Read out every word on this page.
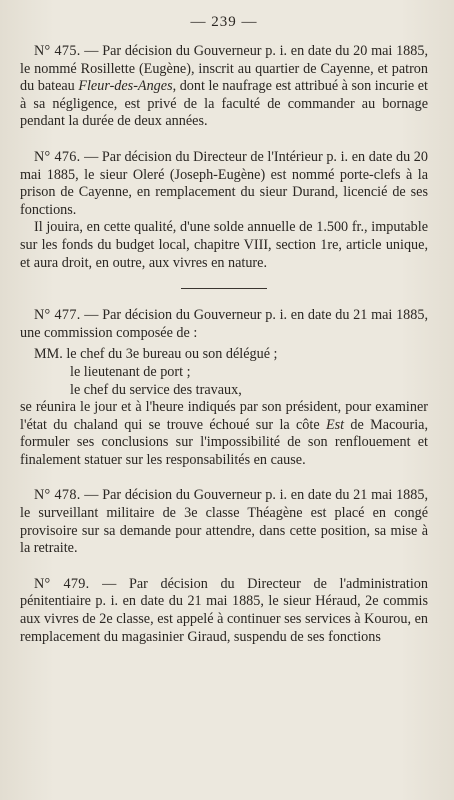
— 239 —

N° 475. — Par décision du Gouverneur p. i. en date du 20 mai 1885, le nommé Rosillette (Eugène), inscrit au quartier de Cayenne, et patron du bateau Fleur-des-Anges, dont le naufrage est attribué à son incurie et à sa négligence, est privé de la faculté de commander au bornage pendant la durée de deux années.

N° 476. — Par décision du Directeur de l'Intérieur p. i. en date du 20 mai 1885, le sieur Oleré (Joseph-Eugène) est nommé porte-clefs à la prison de Cayenne, en remplacement du sieur Durand, licencié de ses fonctions.

Il jouira, en cette qualité, d'une solde annuelle de 1.500 fr., imputable sur les fonds du budget local, chapitre VIII, section 1re, article unique, et aura droit, en outre, aux vivres en nature.

N° 477. — Par décision du Gouverneur p. i. en date du 21 mai 1885, une commission composée de :

MM. le chef du 3e bureau ou son délégué ;
le lieutenant de port ;
le chef du service des travaux,

se réunira le jour et à l'heure indiqués par son président, pour examiner l'état du chaland qui se trouve échoué sur la côte Est de Macouria, formuler ses conclusions sur l'impossibilité de son renflouement et finalement statuer sur les responsabilités en cause.

N° 478. — Par décision du Gouverneur p. i. en date du 21 mai 1885, le surveillant militaire de 3e classe Théagène est placé en congé provisoire sur sa demande pour attendre, dans cette position, sa mise à la retraite.

N° 479. — Par décision du Directeur de l'administration pénitentiaire p. i. en date du 21 mai 1885, le sieur Héraud, 2e commis aux vivres de 2e classe, est appelé à continuer ses services à Kourou, en remplacement du magasinier Giraud, suspendu de ses fonctions
